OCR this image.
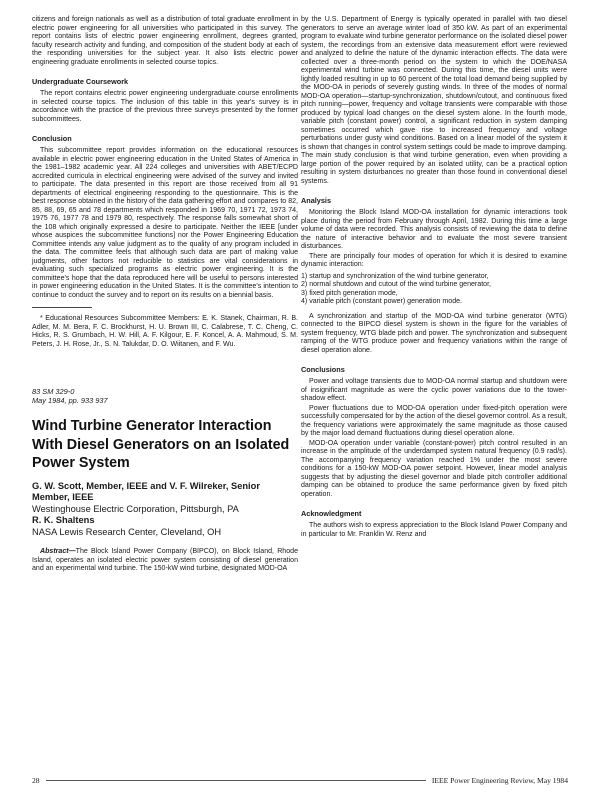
citizens and foreign nationals as well as a distribution of total graduate enrollment in electric power engineering for all universities who participated in this survey. The report contains lists of electric power engineering enrollment, degrees granted, faculty research activity and funding, and composition of the student body at each of the responding universities for the subject year. It also lists electric power engineering graduate enrollments in selected course topics.

Undergraduate Coursework

The report contains electric power engineering undergraduate course enrollments in selected course topics. The inclusion of this table in this year's survey is in accordance with the practice of the previous three surveys presented by the former subcommittees.

Conclusion

This subcommittee report provides information on the educational resources available in electric power engineering education in the United States of America in the 1981–1982 academic year. All 224 colleges and universities with ABET/ECPD accredited curricula in electrical engineering were advised of the survey and invited to participate. The data presented in this report are those received from all 91 departments of electrical engineering responding to the questionnaire. This is the best response obtained in the history of the data gathering effort and compares to 82, 85, 88, 69, 65 and 78 departments which responded in 1969 70, 1971 72, 1973 74, 1975 76, 1977 78 and 1979 80, respectively. The response falls somewhat short of the 108 which originally expressed a desire to participate. Neither the IEEE [under whose auspices the subcommittee functions] nor the Power Engineering Education Committee intends any value judgment as to the quality of any program included in the data. The committee feels that although such data are part of making value judgments, other factors not reducible to statistics are vital considerations in evaluating such specialized programs as electric power engineering. It is the committee's hope that the data reproduced here will be useful to persons interested in power engineering education in the United States. It is the committee's intention to continue to conduct the survey and to report on its results on a biennial basis.

* Educational Resources Subcommittee Members: E. K. Stanek, Chairman, R. B. Adler, M. M. Bera, F. C. Brockhurst, H. U. Brown III, C. Calabrese, T. C. Cheng, C. Hicks, R. S. Grumbach, H. W. Hill, A. F. Kilgour, E. F. Koncel, A. A. Mahmoud, S. M. Peters, J. H. Rose, Jr., S. N. Talukdar, D. O. Wiitanen, and F. Wu.

83 SM 329-0
May 1984, pp. 933 937
Wind Turbine Generator Interaction With Diesel Generators on an Isolated Power System

G. W. Scott, Member, IEEE and V. F. Wilreker, Senior Member, IEEE

Westinghouse Electric Corporation, Pittsburgh, PA

R. K. Shaltens

NASA Lewis Research Center, Cleveland, OH

Abstract—The Block Island Power Company (BIPCO), on Block Island, Rhode Island, operates an isolated electric power system consisting of diesel generation and an experimental wind turbine. The 150-kW wind turbine, designated MOD-OA

by the U.S. Department of Energy is typically operated in parallel with two diesel generators to serve an average winter load of 350 kW. As part of an experimental program to evaluate wind turbine generator performance on the isolated diesel power system, the recordings from an extensive data measurement effort were reviewed and analyzed to define the nature of the dynamic interaction effects. The data were collected over a three-month period on the system to which the DOE/NASA experimental wind turbine was connected. During this time, the diesel units were lightly loaded resulting in up to 60 percent of the total load demand being supplied by the MOD-OA in periods of severely gusting winds. In three of the modes of normal MOD-OA operation—startup-synchronization, shutdown/cutout, and continuous fixed pitch running—power, frequency and voltage transients were comparable with those produced by typical load changes on the diesel system alone. In the fourth mode, variable pitch (constant power) control, a significant reduction in system damping sometimes occurred which gave rise to increased frequency and voltage perturbations under gusty wind conditions. Based on a linear model of the system it is shown that changes in control system settings could be made to improve damping. The main study conclusion is that wind turbine generation, even when providing a large portion of the power required by an isolated utility, can be a practical option resulting in system disturbances no greater than those found in conventional diesel systems.

Analysis

Monitoring the Block Island MOD-OA installation for dynamic interactions took place during the period from February through April, 1982. During this time a large volume of data were recorded. This analysis consists of reviewing the data to define the nature of interactive behavior and to evaluate the most severe transient disturbances.

There are principally four modes of operation for which it is desired to examine dynamic interaction:

1) startup and synchronization of the wind turbine generator,
2) normal shutdown and cutout of the wind turbine generator,
3) fixed pitch generation mode,
4) variable pitch (constant power) generation mode.

A synchronization and startup of the MOD-OA wind turbine generator (WTG) connected to the BIPCO diesel system is shown in the figure for the variables of system frequency, WTG blade pitch and power. The synchronization and subsequent ramping of the WTG produce power and frequency variations within the range of diesel operation alone.

Conclusions

Power and voltage transients due to MOD-OA normal startup and shutdown were of insignificant magnitude as were the cyclic power variations due to the tower-shadow effect.

Power fluctuations due to MOD-OA operation under fixed-pitch operation were successfully compensated for by the action of the diesel governor control. As a result, the frequency variations were approximately the same magnitude as those caused by the major load demand fluctuations during diesel operation alone.

MOD-OA operation under variable (constant-power) pitch control resulted in an increase in the amplitude of the underdamped system natural frequency (0.9 rad/s). The accompanying frequency variation reached 1% under the most severe conditions for a 150-kW MOD-OA power setpoint. However, linear model analysis suggests that by adjusting the diesel governor and blade pitch controller additional damping can be obtained to produce the same performance given by fixed pitch operation.

Acknowledgment

The authors wish to express appreciation to the Block Island Power Company and in particular to Mr. Franklin W. Renz and

28	IEEE Power Engineering Review, May 1984
